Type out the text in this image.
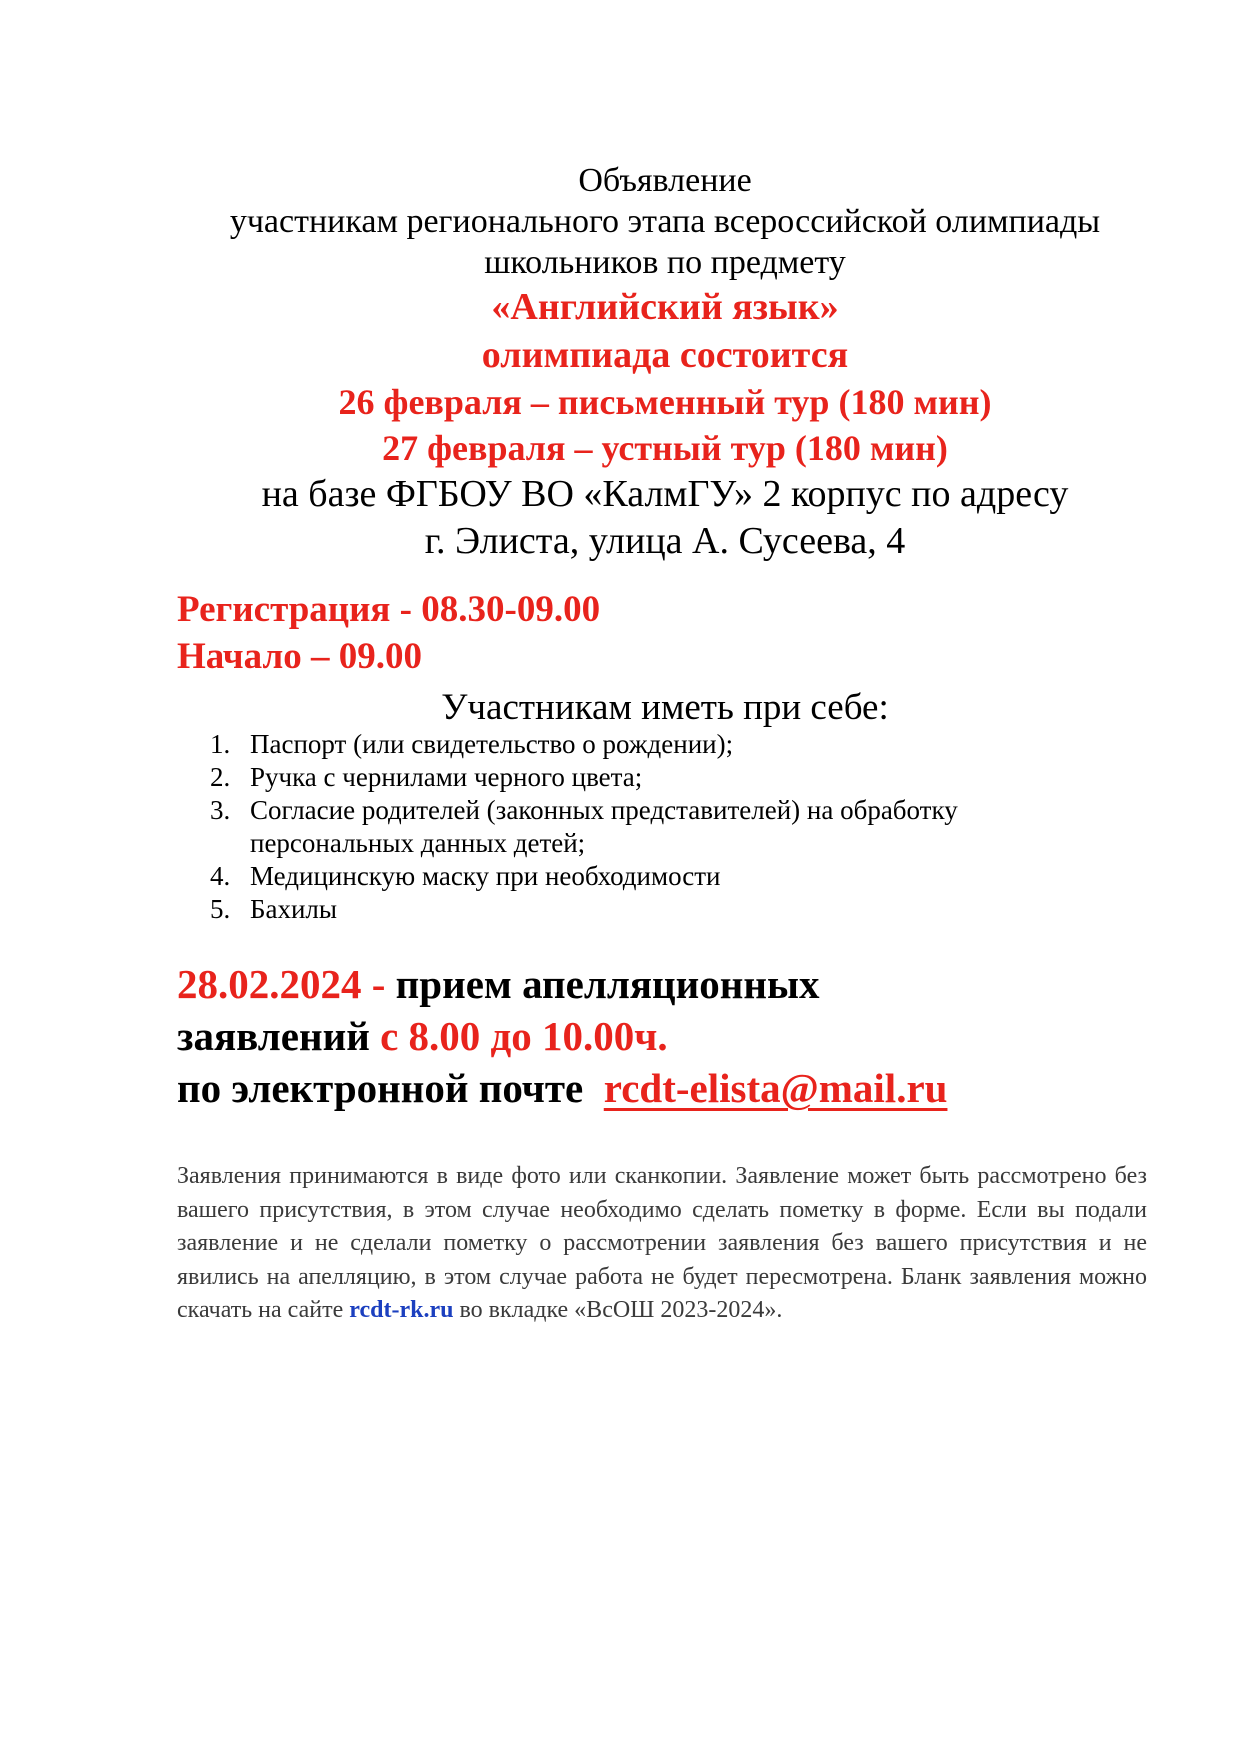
Объявление

участникам регионального этапа всероссийской олимпиады

школьников по предмету

«Английский язык»

олимпиада состоится

26 февраля – письменный тур (180 мин)

27 февраля – устный тур (180 мин)

на базе ФГБОУ ВО «КалмГУ» 2 корпус по адресу

г. Элиста, улица А. Сусеева, 4

Регистрация - 08.30-09.00

Начало – 09.00

Участникам иметь при себе:

1. Паспорт (или свидетельство о рождении);
2. Ручка с чернилами черного цвета;
3. Согласие родителей (законных представителей) на обработку персональных данных детей;
4. Медицинскую маску при необходимости
5. Бахилы
28.02.2024 - прием апелляционных
заявлений с 8.00 до 10.00ч.
по электронной почте  rcdt-elista@mail.ru

Заявления принимаются в виде фото или сканкопии. Заявление может быть рассмотрено без вашего присутствия, в этом случае необходимо сделать пометку в форме. Если вы подали заявление и не сделали пометку о рассмотрении заявления без вашего присутствия и не явились на апелляцию, в этом случае работа не будет пересмотрена. Бланк заявления можно скачать на сайте rcdt-rk.ru во вкладке «ВсОШ 2023-2024».
